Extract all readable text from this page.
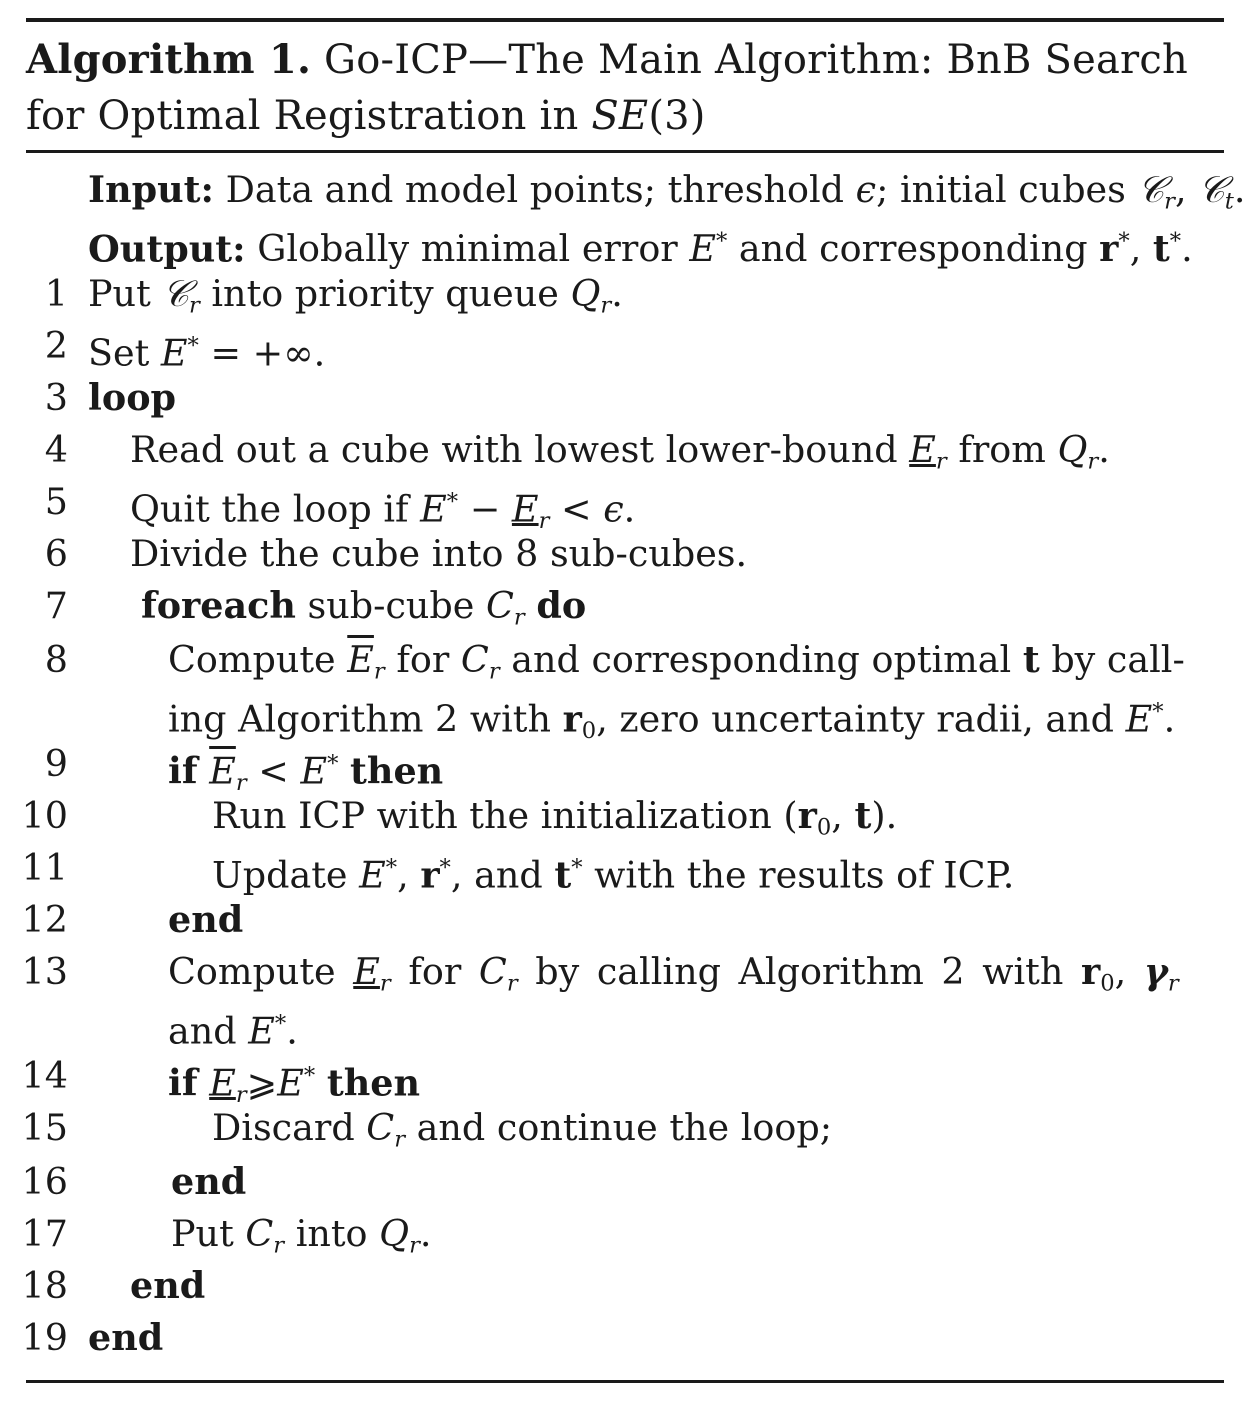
Algorithm 1. Go-ICP—The Main Algorithm: BnB Search
for Optimal Registration in SE(3)
Input: Data and model points; threshold ϵ; initial cubes 𝒞$_r$, 𝒞$_t$.
Output: Globally minimal error E* and corresponding r*, t*.
1 Put 𝒞$_r$ into priority queue $Q_r$.
2 Set E* = +∞.
3 loop
4 Read out a cube with lowest lower-bound $E_r$ from $Q_r$.
5 Quit the loop if $E^* - E_r < \epsilon$.
6 Divide the cube into 8 sub-cubes.
7 foreach sub-cube $C_r$ do
8	Compute $\overline{E}_r$ for $C_r$ and corresponding optimal t by call-
ing Algorithm 2 with r0, zero uncertainty radii, and E*.
9	if $\overline{E}_r < E^*$ then
10	Run ICP with the initialization (r0, t).
11	Update E*, r*, and t* with the results of ICP.
12	end
13	Compute $E_r$ for $C_r$ by calling Algorithm 2 with r0, $\gamma_r$
and E*.
14	if $E_r⩾E^*$ then
15	Discard $C_r$ and continue the loop;
16	end
17	Put $C_r$ into $Q_r$.
18 end
19 end
